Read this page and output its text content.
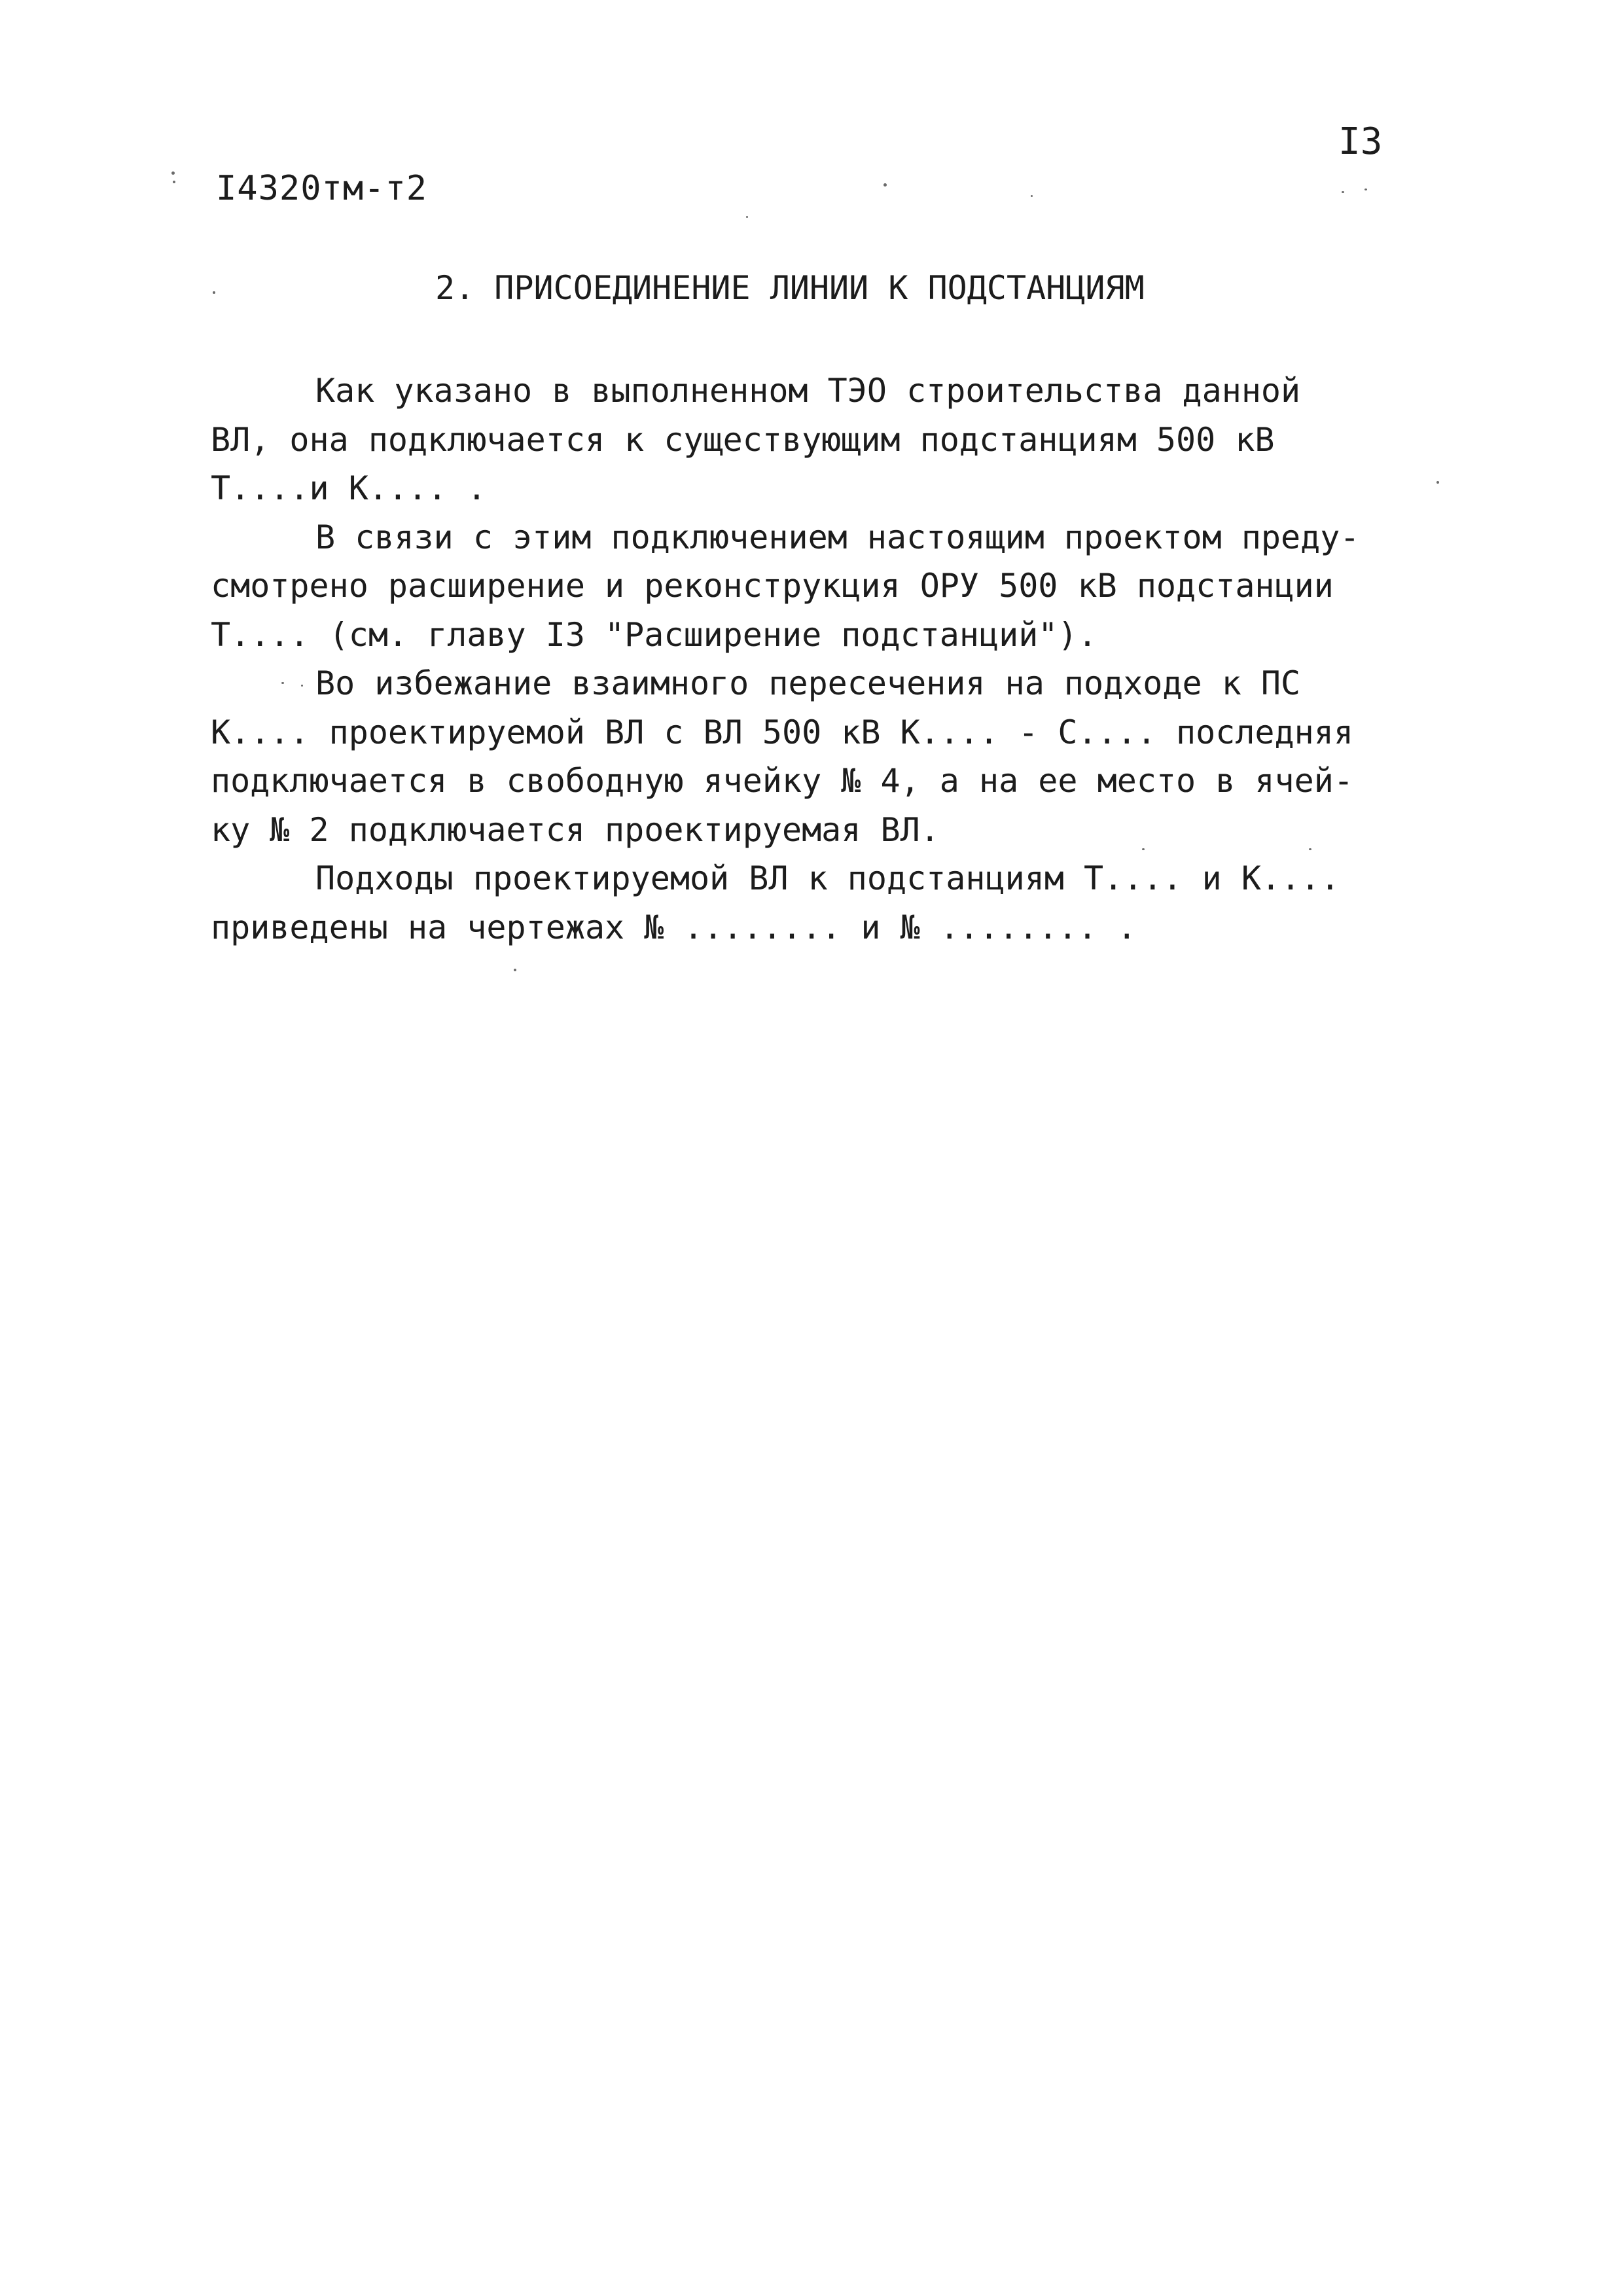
I4320тм-т2
I3
2. ПРИСОЕДИНЕНИЕ ЛИНИИ К ПОДСТАНЦИЯМ
Как указано в выполненном ТЭО строительства данной
ВЛ, она подключается к существующим подстанциям 500 кВ
Т....и К.... .
В связи с этим подключением настоящим проектом преду-
смотрено расширение и реконструкция ОРУ 500 кВ подстанции
Т.... (см. главу I3 "Расширение подстанций").
Во избежание взаимного пересечения на подходе к ПС
К.... проектируемой ВЛ с ВЛ 500 кВ К.... - С.... последняя
подключается в свободную ячейку № 4, а на ее место в ячей-
ку № 2 подключается проектируемая ВЛ.
Подходы проектируемой ВЛ к подстанциям Т.... и К....
приведены на чертежах № ........ и № ........ .
